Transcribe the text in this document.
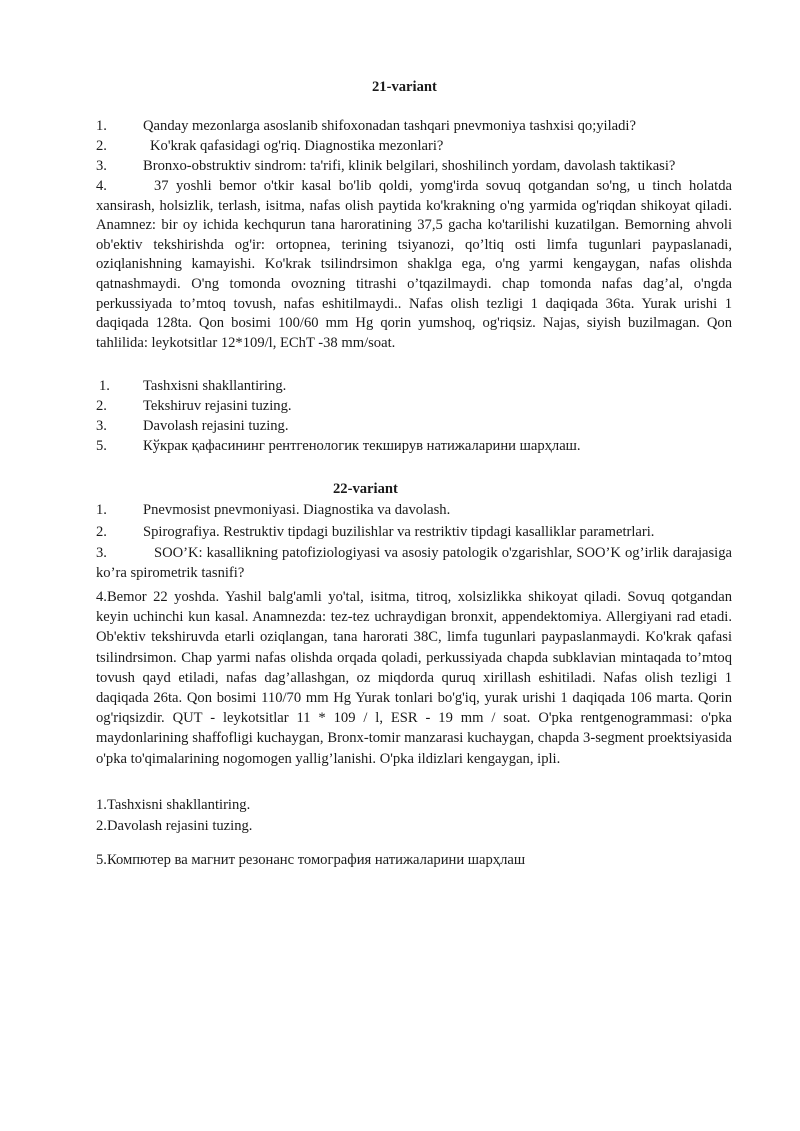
21-variant
1. Qanday mezonlarga asoslanib shifoxonadan tashqari pnevmoniya tashxisi qo;yiladi?
2.	Ko'krak qafasidagi og'riq. Diagnostika mezonlari?
3. Bronxo-obstruktiv sindrom: ta'rifi, klinik belgilari, shoshilinch yordam, davolash taktikasi?
4.	37 yoshli bemor o'tkir kasal bo'lib qoldi, yomg'irda sovuq qotgandan so'ng, u tinch holatda xansirash, holsizlik, terlash, isitma, nafas olish paytida ko'krakning o'ng yarmida og'riqdan shikoyat qiladi. Anamnez: bir oy ichida kechqurun tana haroratining 37,5 gacha ko'tarilishi kuzatilgan. Bemorning ahvoli ob'ektiv tekshirishda og'ir: ortopnea, terining tsiyanozi, qo’ltiq osti limfa tugunlari paypaslanadi, oziqlanishning kamayishi. Ko'krak tsilindrsimon shaklga ega, o'ng yarmi kengaygan, nafas olishda qatnashmaydi. O'ng tomonda ovozning titrashi o’tqazilmaydi. chap tomonda nafas dag’al, o'ngda perkussiyada to’mtoq tovush, nafas eshitilmaydi.. Nafas olish tezligi 1 daqiqada 36ta. Yurak urishi 1 daqiqada 128ta. Qon bosimi 100/60 mm Hg qorin yumshoq, og'riqsiz. Najas, siyish buzilmagan. Qon tahlilida: leykotsitlar 12*109/l, EChT -38 mm/soat.
1. Tashxisni shakllantiring.
2. Tekshiruv rejasini tuzing.
3. Davolash rejasini tuzing.
5. Кўкрак қафасининг рентгенологик текширув натижаларини шарҳлаш.
22-variant
1. Pnevmosist pnevmoniyasi. Diagnostika va davolash.
2. Spirografiya. Restruktiv tipdagi buzilishlar va restriktiv tipdagi kasalliklar parametrlari.
3.	SOO’K: kasallikning patofiziologiyasi va asosiy patologik o'zgarishlar, SOO’K og’irlik darajasiga ko’ra spirometrik tasnifi?
4.Bemor 22 yoshda. Yashil balg'amli yo'tal, isitma, titroq, xolsizlikka shikoyat qiladi. Sovuq qotgandan keyin uchinchi kun kasal. Anamnezda: tez-tez uchraydigan bronxit, appendektomiya. Allergiyani rad etadi. Ob'ektiv tekshiruvda etarli oziqlangan, tana harorati 38C, limfa tugunlari paypaslanmaydi. Ko'krak qafasi tsilindrsimon. Chap yarmi nafas olishda orqada qoladi, perkussiyada chapda subklavian mintaqada to’mtoq tovush qayd etiladi, nafas dag’allashgan, oz miqdorda quruq xirillash eshitiladi. Nafas olish tezligi 1 daqiqada 26ta. Qon bosimi 110/70 mm Hg Yurak tonlari bo'g'iq, yurak urishi 1 daqiqada 106 marta. Qorin og'riqsizdir. QUT - leykotsitlar 11 * 109 / l, ESR - 19 mm / soat. O'pka rentgenogrammasi: o'pka maydonlarining shaffofligi kuchaygan, Bronx-tomir manzarasi kuchaygan, chapda 3-segment proektsiyasida o'pka to'qimalarining nogomogen yallig’lanishi. O'pka ildizlari kengaygan, ipli.
1.Tashxisni shakllantiring.
2.Davolash rejasini tuzing.
5.Компютер ва магнит резонанс томография натижаларини шарҳлаш
